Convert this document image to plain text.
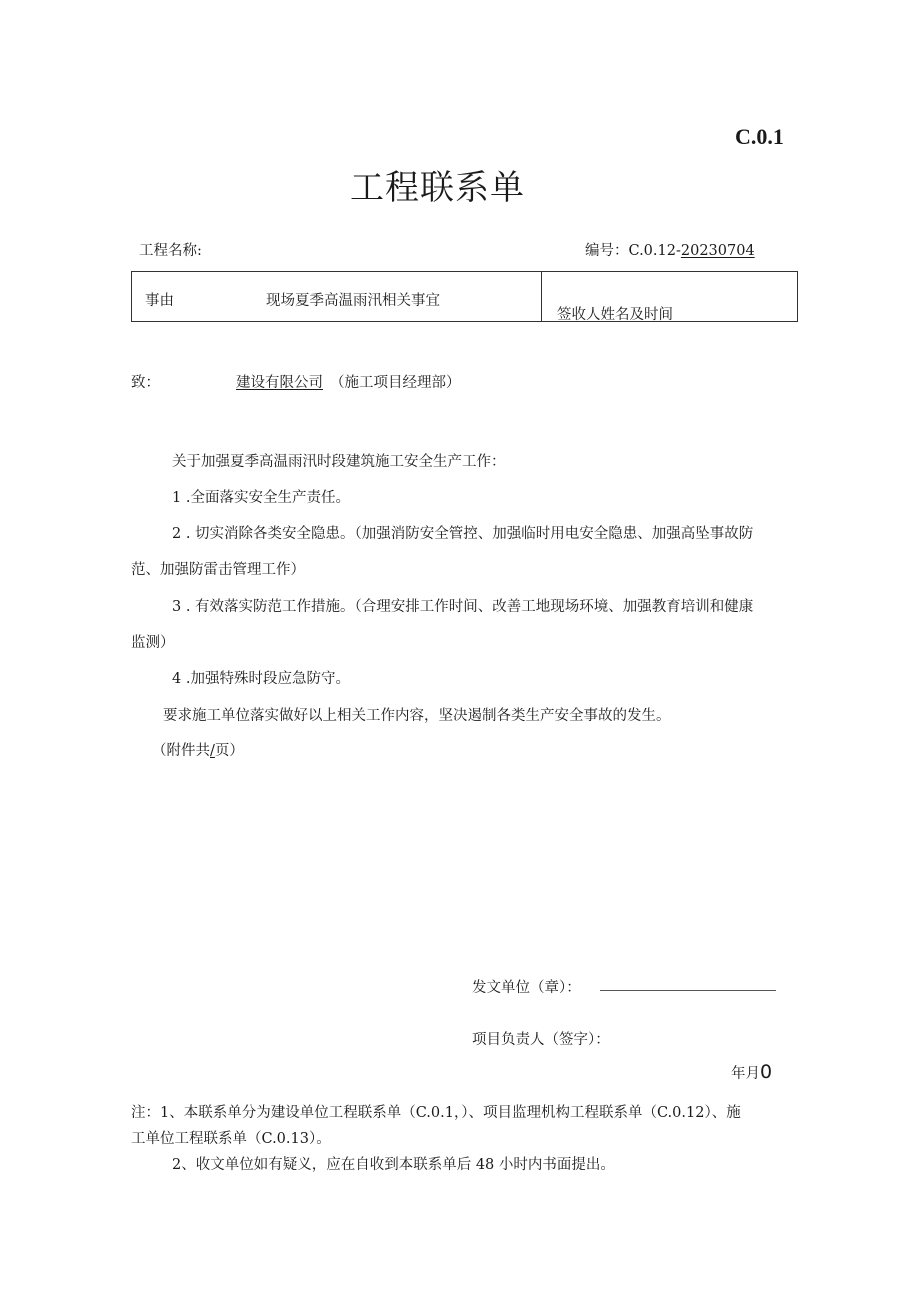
C.0.1
工程联系单
工程名称:	编号：C.0.12-20230704
事由	现场夏季高温雨汛相关事宜
签收人姓名及时间
致：	建设有限公司 （施工项目经理部）
关于加强夏季高温雨汛时段建筑施工安全生产工作：
1 .全面落实安全生产责任。
2 . 切实消除各类安全隐患。（加强消防安全管控、加强临时用电安全隐患、加强高坠事故防
范、加强防雷击管理工作）
3 . 有效落实防范工作措施。（合理安排工作时间、改善工地现场环境、加强教育培训和健康
监测）
4 .加强特殊时段应急防守。
要求施工单位落实做好以上相关工作内容，坚决遏制各类生产安全事故的发生。
（附件共/页）
发文单位（章）：
项目负责人（签字）：
年月0
注：1、本联系单分为建设单位工程联系单（C.0.1，）、项目监理机构工程联系单（C.0.12）、施
工单位工程联系单（C.0.13）。
2、收文单位如有疑义，应在自收到本联系单后 48 小时内书面提出。
